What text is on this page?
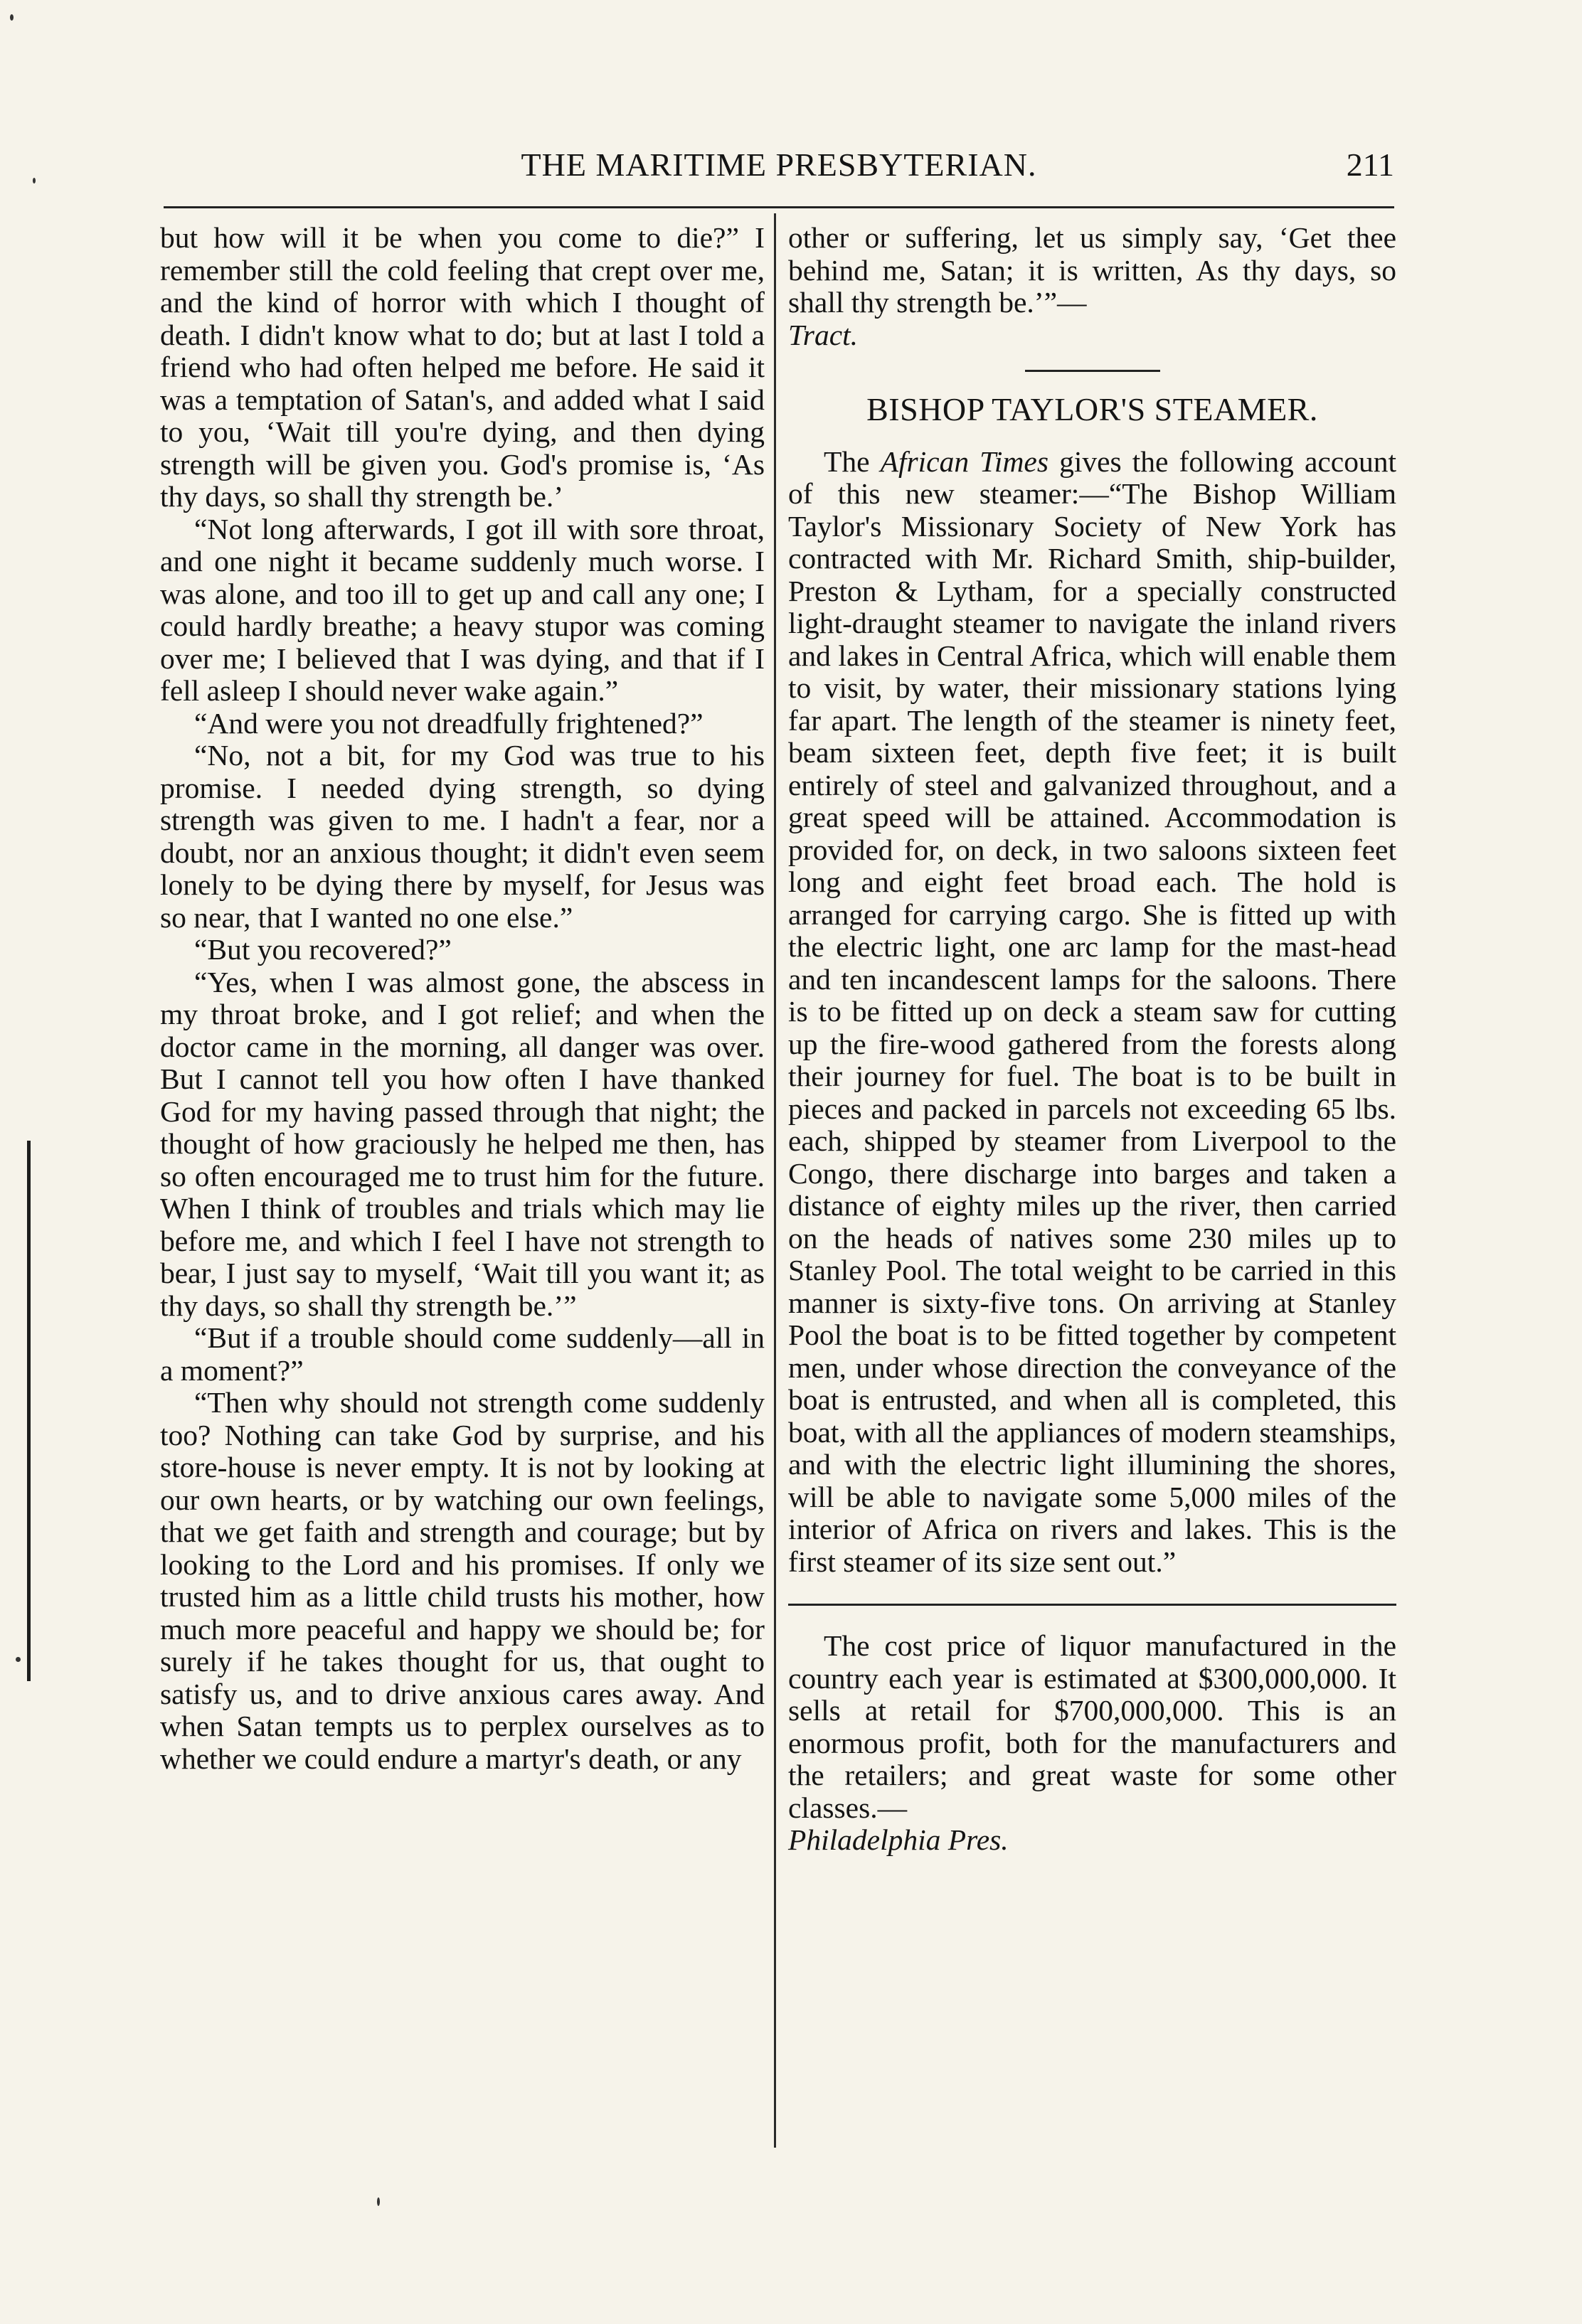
THE MARITIME PRESBYTERIAN.	211

but how will it be when you come to die?” I remember still the cold feeling that crept over me, and the kind of horror with which I thought of death. I didn't know what to do; but at last I told a friend who had often helped me before. He said it was a temptation of Satan's, and added what I said to you, ‘Wait till you're dying, and then dying strength will be given you. God's promise is, ‘As thy days, so shall thy strength be.’

“Not long afterwards, I got ill with sore throat, and one night it became suddenly much worse. I was alone, and too ill to get up and call any one; I could hardly breathe; a heavy stupor was coming over me; I believed that I was dying, and that if I fell asleep I should never wake again.”

“And were you not dreadfully frightened?”

“No, not a bit, for my God was true to his promise. I needed dying strength, so dying strength was given to me. I hadn't a fear, nor a doubt, nor an anxious thought; it didn't even seem lonely to be dying there by myself, for Jesus was so near, that I wanted no one else.”

“But you recovered?”

“Yes, when I was almost gone, the abscess in my throat broke, and I got relief; and when the doctor came in the morning, all danger was over. But I cannot tell you how often I have thanked God for my having passed through that night; the thought of how graciously he helped me then, has so often encouraged me to trust him for the future. When I think of troubles and trials which may lie before me, and which I feel I have not strength to bear, I just say to myself, ‘Wait till you want it; as thy days, so shall thy strength be.’”

“But if a trouble should come suddenly—all in a moment?”

“Then why should not strength come suddenly too? Nothing can take God by surprise, and his store-house is never empty. It is not by looking at our own hearts, or by watching our own feelings, that we get faith and strength and courage; but by looking to the Lord and his promises. If only we trusted him as a little child trusts his mother, how much more peaceful and happy we should be; for surely if he takes thought for us, that ought to satisfy us, and to drive anxious cares away. And when Satan tempts us to perplex ourselves as to whether we could endure a martyr's death, or any

other or suffering, let us simply say, ‘Get thee behind me, Satan; it is written, As thy days, so shall thy strength be.’”—

Tract.

BISHOP TAYLOR'S STEAMER.

The African Times gives the following account of this new steamer:—“The Bishop William Taylor's Missionary Society of New York has contracted with Mr. Richard Smith, ship-builder, Preston & Lytham, for a specially constructed light-draught steamer to navigate the inland rivers and lakes in Central Africa, which will enable them to visit, by water, their missionary stations lying far apart. The length of the steamer is ninety feet, beam sixteen feet, depth five feet; it is built entirely of steel and galvanized throughout, and a great speed will be attained. Accommodation is provided for, on deck, in two saloons sixteen feet long and eight feet broad each. The hold is arranged for carrying cargo. She is fitted up with the electric light, one arc lamp for the mast-head and ten incandescent lamps for the saloons. There is to be fitted up on deck a steam saw for cutting up the fire-wood gathered from the forests along their journey for fuel. The boat is to be built in pieces and packed in parcels not exceeding 65 lbs. each, shipped by steamer from Liverpool to the Congo, there discharge into barges and taken a distance of eighty miles up the river, then carried on the heads of natives some 230 miles up to Stanley Pool. The total weight to be carried in this manner is sixty-five tons. On arriving at Stanley Pool the boat is to be fitted together by competent men, under whose direction the conveyance of the boat is entrusted, and when all is completed, this boat, with all the appliances of modern steamships, and with the electric light illumining the shores, will be able to navigate some 5,000 miles of the interior of Africa on rivers and lakes. This is the first steamer of its size sent out.”

The cost price of liquor manufactured in the country each year is estimated at $300,000,000. It sells at retail for $700,000,000. This is an enormous profit, both for the manufacturers and the retailers; and great waste for some other classes.—
Philadelphia Pres.
